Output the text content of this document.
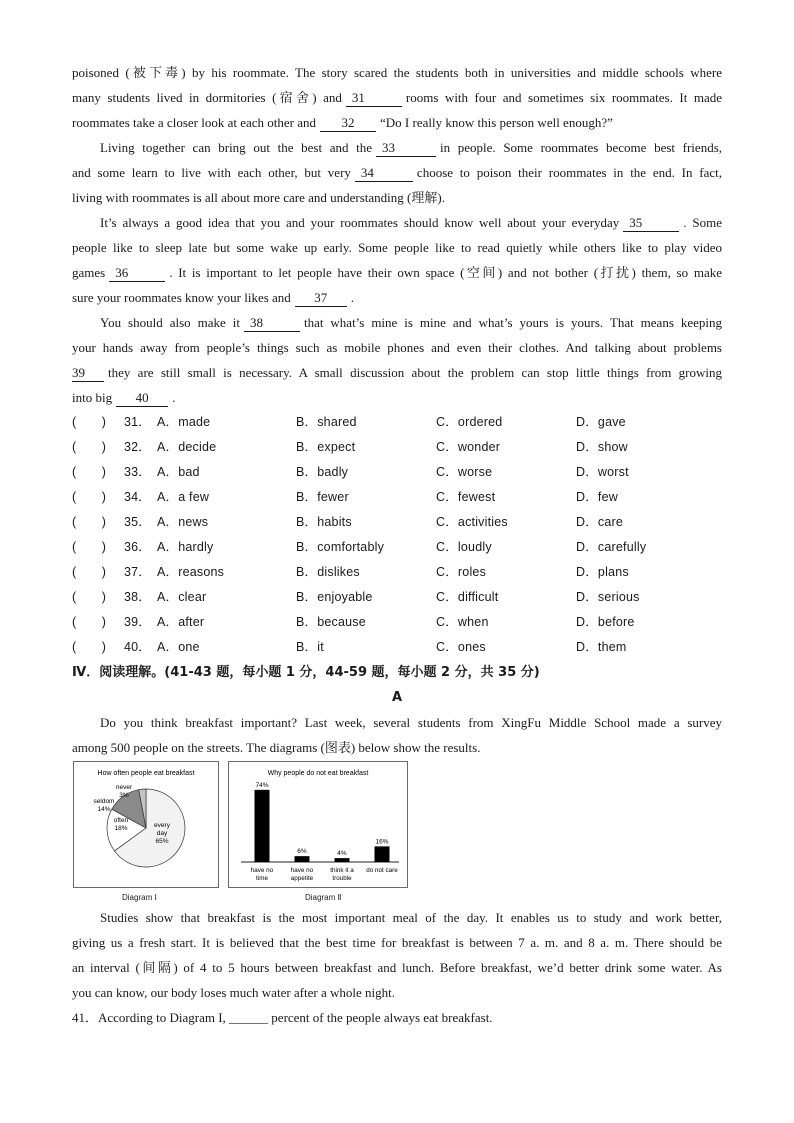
poisoned (被下毒) by his roommate. The story scared the students both in universities and middle schools where
many students lived in dormitories (宿舍) and 31	rooms with four and sometimes six roommates. It made
roommates take a closer look at each other and 32 “Do I really know this person well enough?”
Living together can bring out the best and the 33	in people. Some roommates become best friends,
and some learn to live with each other, but very 34	choose to poison their roommates in the end. In fact,
living with roommates is all about more care and understanding (理解).
It’s always a good idea that you and your roommates should know well about your everyday 35	. Some
people like to sleep late but some wake up early. Some people like to read quietly while others like to play video
games 36	. It is important to let people have their own space (空间) and not bother (打扰) them, so make
sure your roommates know your likes and 37 .
You should also make it 38	that what’s mine is mine and what’s yours is yours. That means keeping
your hands away from people’s things such as mobile phones and even their clothes. And talking about problems
39 they are still small is necessary. A small discussion about the problem can stop little things from growing
into big 40 .
(　　) 31． A．made	B．shared	C．ordered	D．gave
(　　) 32． A．decide	B．expect	C．wonder	D．show
(　　) 33． A．bad	B．badly	C．worse	D．worst
(　　) 34． A．a few	B．fewer	C．fewest	D．few
(　　) 35． A．news	B．habits	C．activities	D．care
(　　) 36． A．hardly	B．comfortably	C．loudly	D．carefully
(　　) 37． A．reasons	B．dislikes	C．roles	D．plans
(　　) 38． A．clear	B．enjoyable	C．difficult	D．serious
(　　) 39． A．after	B．because	C．when	D．before
(　　) 40． A．one	B．it	C．ones	D．them
Ⅳ．阅读理解。(41-43 题，每小题 1 分，44-59 题，每小题 2 分，共 35 分)
A
Do you think breakfast important? Last week, several students from XingFu Middle School made a survey
among 500 people on the streets. The diagrams (图表) below show the results.
How often people eat breakfast
every
day
65%
often
18%
seldom
14%
never
3%
Diagram Ⅰ
Why people do not eat breakfast
74%
have no
time
6%
have no
appetite
4%
think it a
trouble
16%
do not care
Diagram Ⅱ
Studies show that breakfast is the most important meal of the day. It enables us to study and work better,
giving us a fresh start. It is believed that the best time for breakfast is between 7 a. m. and 8 a. m. There should be
an interval (间隔) of 4 to 5 hours between breakfast and lunch. Before breakfast, we’d better drink some water. As
you can know, our body loses much water after a whole night.
41．According to Diagram I, ______ percent of the people always eat breakfast.
